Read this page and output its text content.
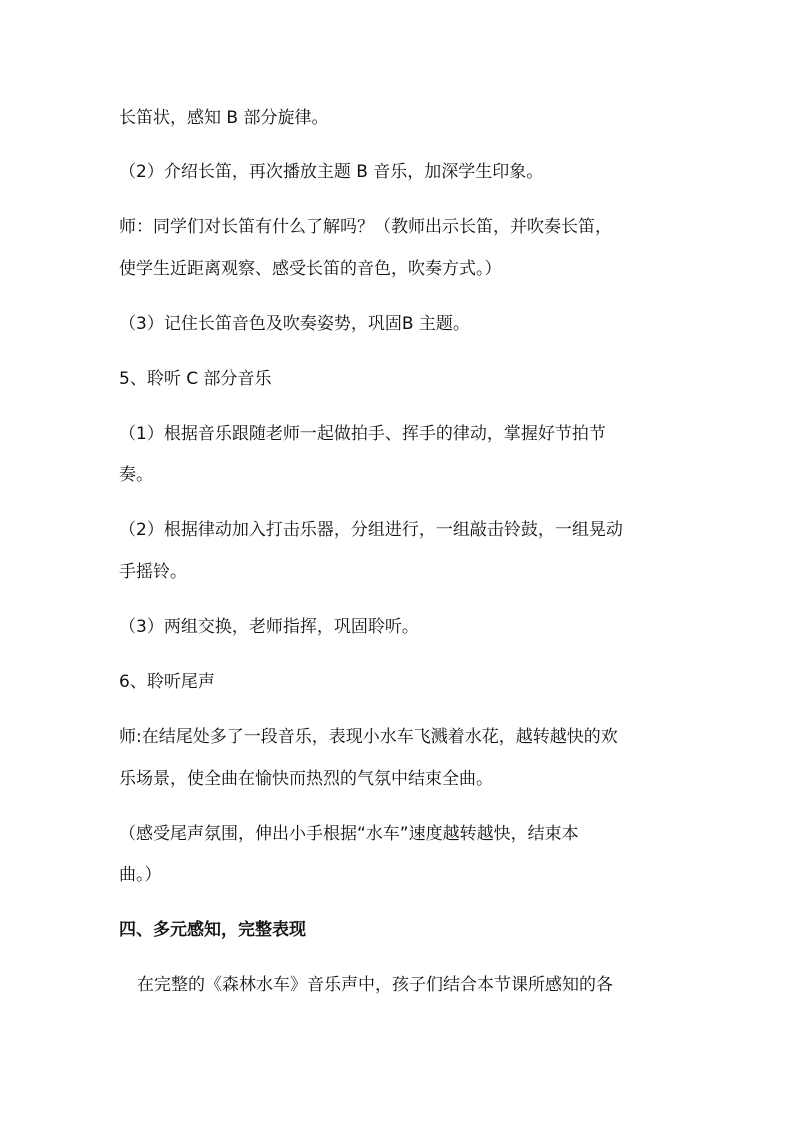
长笛状，感知 B 部分旋律。
（2）介绍长笛，再次播放主题 B 音乐，加深学生印象。
师：同学们对长笛有什么了解吗？（教师出示长笛，并吹奏长笛，
使学生近距离观察、感受长笛的音色，吹奏方式。）
（3）记住长笛音色及吹奏姿势，巩固B 主题。
5、聆听 C 部分音乐
（1）根据音乐跟随老师一起做拍手、挥手的律动，掌握好节拍节
奏。
（2）根据律动加入打击乐器，分组进行，一组敲击铃鼓，一组晃动
手摇铃。
（3）两组交换，老师指挥，巩固聆听。
6、聆听尾声
师:在结尾处多了一段音乐，表现小水车飞溅着水花，越转越快的欢
乐场景，使全曲在愉快而热烈的气氛中结束全曲。
（感受尾声氛围，伸出小手根据“水车”速度越转越快，结束本
曲。）
四、多元感知，完整表现
在完整的《森林水车》音乐声中，孩子们结合本节课所感知的各
